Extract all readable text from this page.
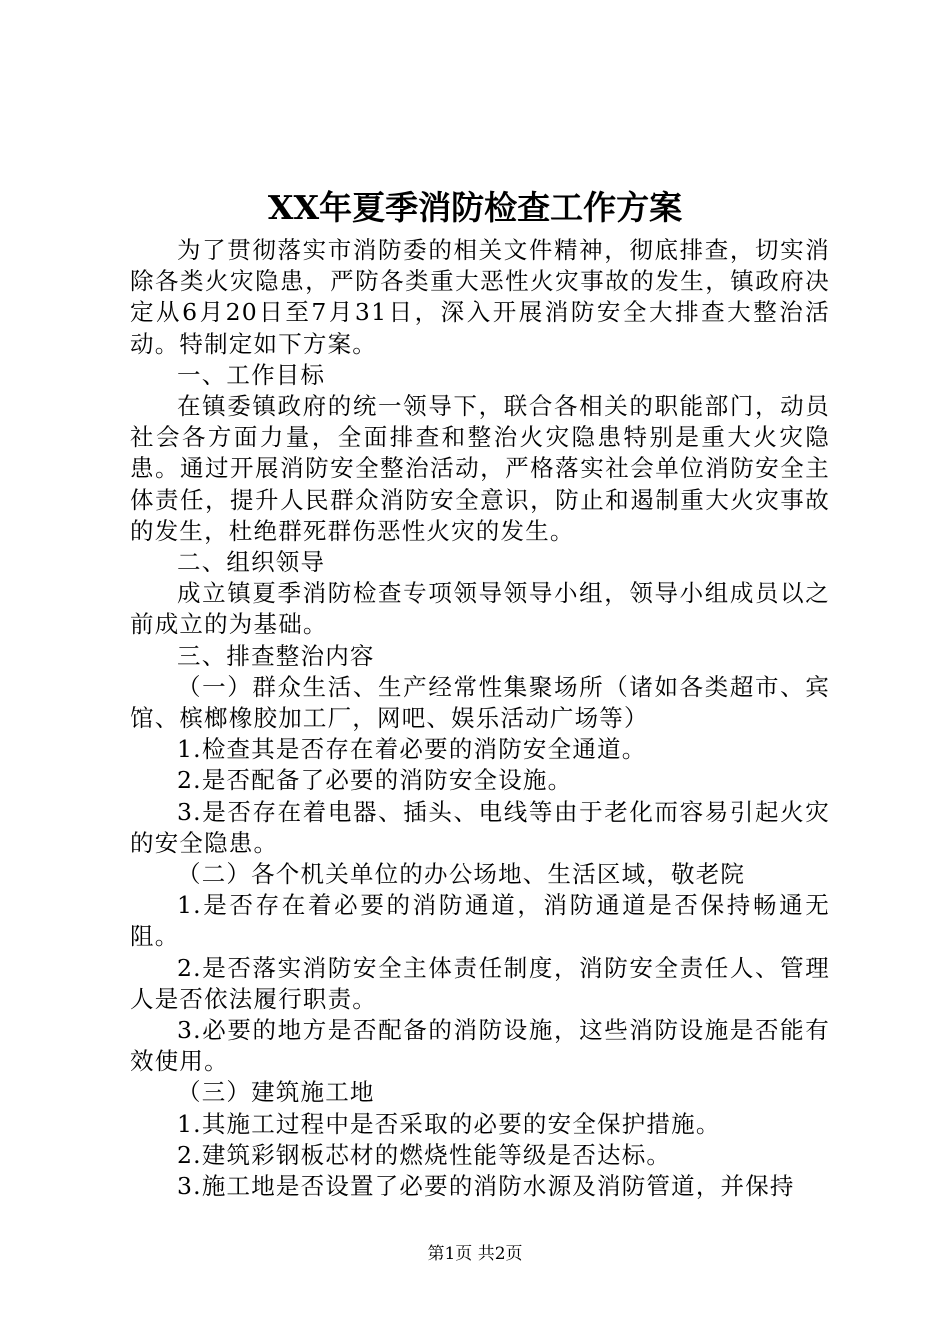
XX年夏季消防检查工作方案

为了贯彻落实市消防委的相关文件精神，彻底排查，切实消除各类火灾隐患，严防各类重大恶性火灾事故的发生，镇政府决定从6月20日至7月31日，深入开展消防安全大排查大整治活动。特制定如下方案。

一、工作目标

在镇委镇政府的统一领导下，联合各相关的职能部门，动员社会各方面力量，全面排查和整治火灾隐患特别是重大火灾隐患。通过开展消防安全整治活动，严格落实社会单位消防安全主体责任，提升人民群众消防安全意识，防止和遏制重大火灾事故的发生，杜绝群死群伤恶性火灾的发生。

二、组织领导

成立镇夏季消防检查专项领导领导小组，领导小组成员以之前成立的为基础。

三、排查整治内容

（一）群众生活、生产经常性集聚场所（诸如各类超市、宾馆、槟榔橡胶加工厂，网吧、娱乐活动广场等）

1.检查其是否存在着必要的消防安全通道。

2.是否配备了必要的消防安全设施。

3.是否存在着电器、插头、电线等由于老化而容易引起火灾的安全隐患。

（二）各个机关单位的办公场地、生活区域，敬老院

1.是否存在着必要的消防通道，消防通道是否保持畅通无阻。

2.是否落实消防安全主体责任制度，消防安全责任人、管理人是否依法履行职责。

3.必要的地方是否配备的消防设施，这些消防设施是否能有效使用。

（三）建筑施工地

1.其施工过程中是否采取的必要的安全保护措施。

2.建筑彩钢板芯材的燃烧性能等级是否达标。

3.施工地是否设置了必要的消防水源及消防管道，并保持

第1页 共2页
